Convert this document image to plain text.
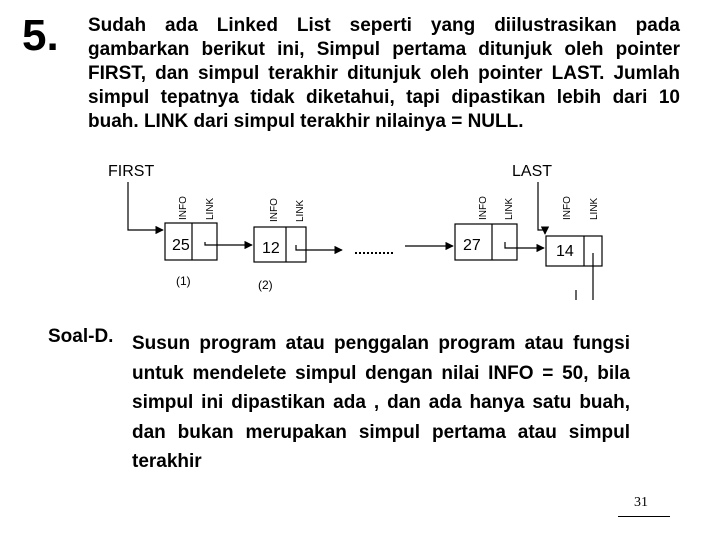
5. Sudah ada Linked List seperti yang diilustrasikan pada gambarkan berikut ini, Simpul pertama ditunjuk oleh pointer FIRST, dan simpul terakhir ditunjuk oleh pointer LAST. Jumlah simpul tepatnya tidak diketahui, tapi dipastikan lebih dari 10 buah. LINK dari simpul terakhir nilainya = NULL.
FIRST	LAST
25
(1)
12
(2)
27	14
INFO LINK	INFO LINK	INFO LINK	INFO LINK
Soal-D. Susun program atau penggalan program atau fungsi untuk mendelete simpul dengan nilai INFO = 50, bila simpul ini dipastikan ada , dan ada hanya satu buah, dan bukan merupakan simpul pertama atau simpul terakhir
31
